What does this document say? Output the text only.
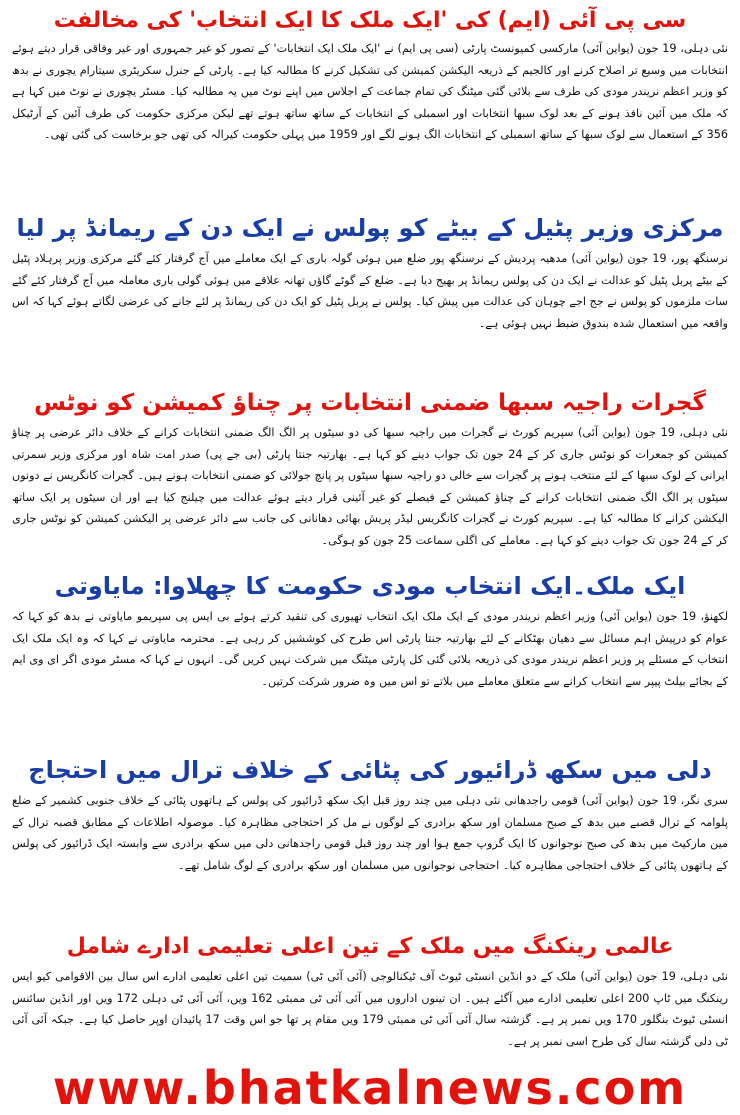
سی پی آئی (ایم) کی 'ایک ملک کا ایک انتخاب' کی مخالفت

نئی دہلی، 19 جون (یواین آئی) مارکسی کمیونسٹ پارٹی (سی پی ایم) نے 'ایک ملک ایک انتخابات' کے تصور کو غیر جمہوری اور غیر وفاقی قرار دیتے ہوئے انتخابات میں وسیع تر اصلاح کرنے اور کالجیم کے ذریعہ الیکشن کمیشن کی تشکیل کرنے کا مطالبہ کیا ہے۔ پارٹی کے جنرل سکریٹری سیتارام یچوری نے بدھ کو وزیر اعظم نریندر مودی کی طرف سے بلائی گئی میٹنگ کی تمام جماعت کے اجلاس میں اپنے نوٹ میں یہ مطالبہ کیا۔ مسٹر یچوری نے نوٹ میں کہا ہے کہ ملک میں آئین نافذ ہونے کے بعد لوک سبھا انتخابات اور اسمبلی کے انتخابات کے ساتھ ساتھ ہوتے تھے لیکن مرکزی حکومت کی طرف آئین کے آرٹیکل 356 کے استعمال سے لوک سبھا کے ساتھ اسمبلی کے انتخابات الگ ہونے لگے اور 1959 میں پہلی حکومت کیرالہ کی تھی جو برخاست کی گئی تھی۔

مرکزی وزیر پٹیل کے بیٹے کو پولس نے ایک دن کے ریمانڈ پر لیا

نرسنگھ پور، 19 جون (یواین آئی) مدھیہ پردیش کے نرسنگھ پور ضلع میں ہوئی گولہ باری کے ایک معاملے میں آج گرفتار کئے گئے مرکزی وزیر پرہلاد پٹیل کے بیٹے پربل پٹیل کو عدالت نے ایک دن کی پولس ریمانڈ پر بھیج دیا ہے۔ ضلع کے گوٹے گاؤں تھانہ علاقے میں ہوئی گولی باری معاملہ میں آج گرفتار کئے گئے سات ملزموں کو پولس نے جج اجے چوہان کی عدالت میں پیش کیا۔ پولس نے پربل پٹیل کو ایک دن کی ریمانڈ پر لئے جانے کی عرضی لگاتے ہوئے کہا کہ اس واقعہ میں استعمال شدہ بندوق ضبط نہیں ہوئی ہے۔

گجرات راجیہ سبھا ضمنی انتخابات پر چناؤ کمیشن کو نوٹس

نئی دہلی، 19 جون (یواین آئی) سپریم کورٹ نے گجرات میں راجیہ سبھا کی دو سیٹوں پر الگ الگ ضمنی انتخابات کرانے کے خلاف دائر عرضی پر چناؤ کمیشن کو جمعرات کو نوٹس جاری کر کے 24 جون تک جواب دینے کو کہا ہے۔ بھارتیہ جنتا پارٹی (بی جے پی) صدر امت شاہ اور مرکزی وزیر سمرتی ایرانی کے لوک سبھا کے لئے منتخب ہونے پر گجرات سے خالی دو راجیہ سبھا سیٹوں پر پانچ جولائی کو ضمنی انتخابات ہونے ہیں۔ گجرات کانگریس نے دونوں سیٹوں پر الگ الگ ضمنی انتخابات کرانے کے چناؤ کمیشن کے فیصلے کو غیر آئینی قرار دیتے ہوئے عدالت میں چیلنج کیا ہے اور ان سیٹوں پر ایک ساتھ الیکشن کرانے کا مطالبہ کیا ہے۔ سپریم کورٹ نے گجرات کانگریس لیڈر پریش بھائی دھانانی کی جانب سے دائر عرضی پر الیکشن کمیشن کو نوٹس جاری کر کے 24 جون تک جواب دینے کو کہا ہے۔ معاملے کی اگلی سماعت 25 جون کو ہوگی۔

ایک ملک۔ایک انتخاب مودی حکومت کا چھلاوا: مایاوتی

لکھنؤ، 19 جون (یواین آئی) وزیر اعظم نریندر مودی کے ایک ملک ایک انتخاب تھیوری کی تنقید کرتے ہوئے بی ایس پی سپریمو مایاوتی نے بدھ کو کہا کہ عوام کو درپیش اہم مسائل سے دھیان بھٹکانے کے لئے بھارتیہ جنتا پارٹی اس طرح کی کوششیں کر رہی ہے۔ محترمہ مایاوتی نے کہا کہ وہ ایک ملک ایک انتخاب کے مسئلے پر وزیر اعظم نریندر مودی کی ذریعہ بلائی گئی کل پارٹی میٹنگ میں شرکت نہیں کریں گی۔ انہوں نے کہا کہ مسٹر مودی اگر ای وی ایم کے بجائے بیلٹ پیپر سے انتخاب کرانے سے متعلق معاملے میں بلاتے تو اس میں وہ ضرور شرکت کرتیں۔

دلی میں سکھ ڈرائیور کی پٹائی کے خلاف ترال میں احتجاج

سری نگر، 19 جون (یواین آئی) قومی راجدھانی نئی دہلی میں چند روز قبل ایک سکھ ڈرائیور کی پولس کے ہاتھوں پٹائی کے خلاف جنوبی کشمیر کے ضلع پلوامہ کے ترال قصبے میں بدھ کے صبح مسلمان اور سکھ برادری کے لوگوں نے مل کر احتجاجی مظاہرہ کیا۔ موصولہ اطلاعات کے مطابق قصبہ ترال کے مین مارکیٹ میں بدھ کی صبح نوجوانوں کا ایک گروپ جمع ہوا اور چند روز قبل قومی راجدھانی دلی میں سکھ برادری سے وابستہ ایک ڈرائیور کی پولس کے ہاتھوں پٹائی کے خلاف احتجاجی مظاہرہ کیا۔ احتجاجی نوجوانوں میں مسلمان اور سکھ برادری کے لوگ شامل تھے۔

عالمی رینکنگ میں ملک کے تین اعلی تعلیمی ادارے شامل

نئی دہلی، 19 جون (یواین آئی) ملک کے دو انڈین انسٹی ٹیوٹ آف ٹیکنالوجی (آئی آئی ٹی) سمیت تین اعلی تعلیمی ادارے اس سال بین الاقوامی کیو ایس رینکنگ میں ٹاپ 200 اعلی تعلیمی ادارے میں آگئے ہیں۔ ان تینوں اداروں میں آئی آئی ٹی ممبئی 162 ویں، آئی آئی ٹی دہلی 172 ویں اور انڈین سائنس انسٹی ٹیوٹ بنگلور 170 ویں نمبر پر ہے۔ گزشتہ سال آئی آئی ٹی ممبئی 179 ویں مقام پر تھا جو اس وقت 17 پائیدان اوپر حاصل کیا ہے۔ جبکہ آئی آئی ٹی دلی گزشتہ سال کی طرح اسی نمبر پر ہے۔

www.bhatkalnews.com
